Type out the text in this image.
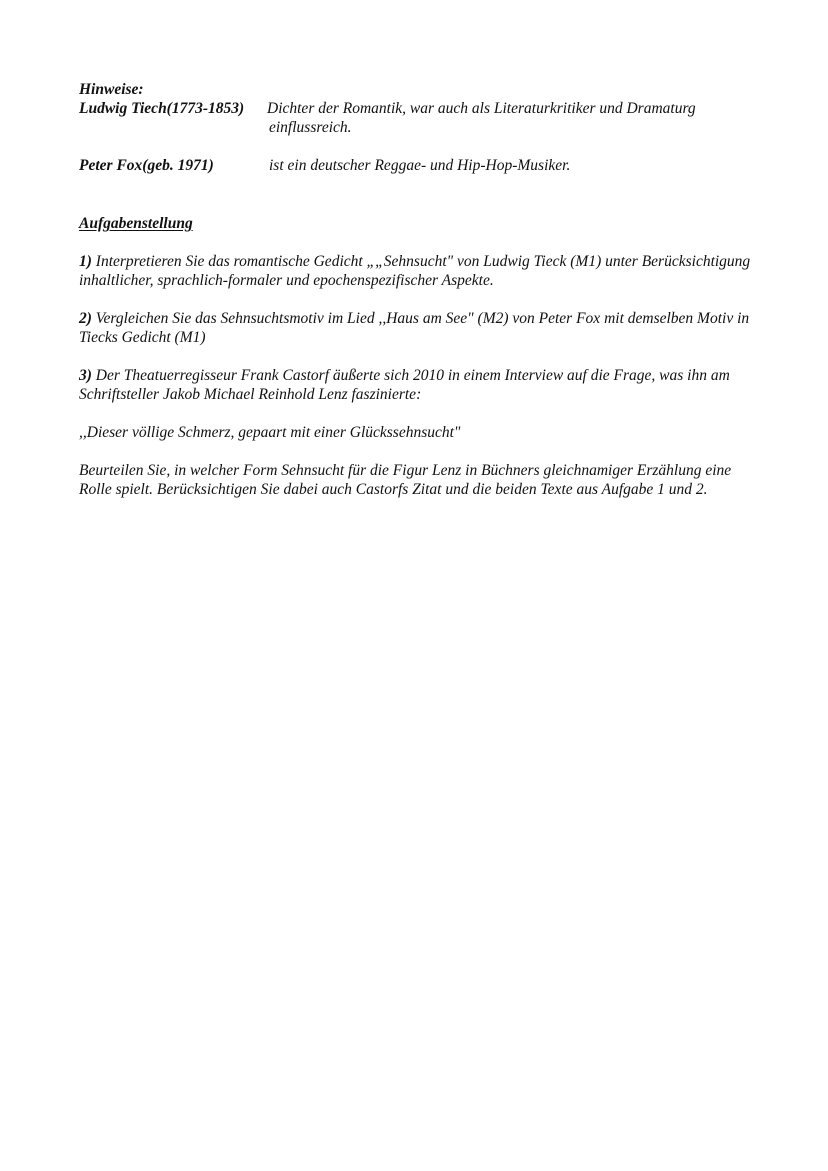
Hinweise:
Ludwig Tiech(1773-1853)	Dichter der Romantik, war auch als Literaturkritiker und Dramaturg
einflussreich.
Peter Fox(geb. 1971)	ist ein deutscher Reggae- und Hip-Hop-Musiker.
Aufgabenstellung
1) Interpretieren Sie das romantische Gedicht „„Sehnsucht" von Ludwig Tieck (M1) unter Berücksichtigung inhaltlicher, sprachlich-formaler und epochenspezifischer Aspekte.
2) Vergleichen Sie das Sehnsuchtsmotiv im Lied ,,Haus am See" (M2) von Peter Fox mit demselben Motiv in Tiecks Gedicht (M1)
3) Der Theatuerregisseur Frank Castorf äußerte sich 2010 in einem Interview auf die Frage, was ihn am Schriftsteller Jakob Michael Reinhold Lenz faszinierte:
,,Dieser völlige Schmerz, gepaart mit einer Glückssehnsucht"
Beurteilen Sie, in welcher Form Sehnsucht für die Figur Lenz in Büchners gleichnamiger Erzählung eine Rolle spielt. Berücksichtigen Sie dabei auch Castorfs Zitat und die beiden Texte aus Aufgabe 1 und 2.
